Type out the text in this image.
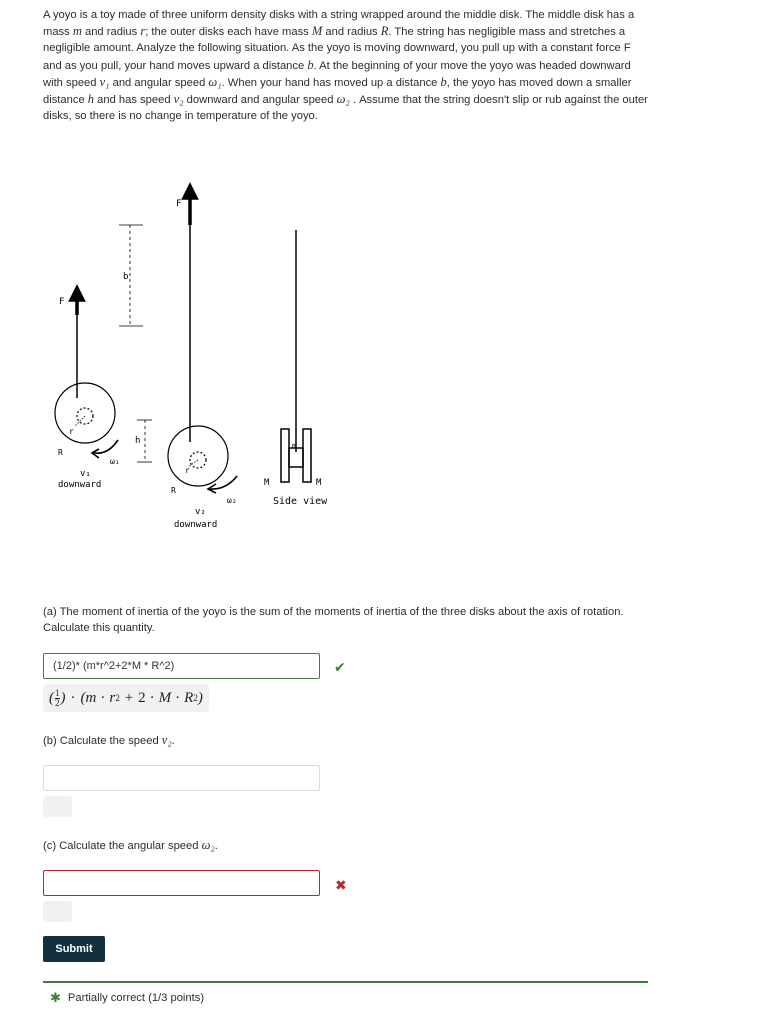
A yoyo is a toy made of three uniform density disks with a string wrapped around the middle disk. The middle disk has a mass m and radius r; the outer disks each have mass M and radius R. The string has negligible mass and stretches a negligible amount. Analyze the following situation. As the yoyo is moving downward, you pull up with a constant force F and as you pull, your hand moves upward a distance b. At the beginning of your move the yoyo was headed downward with speed v₁ and angular speed ω₁. When your hand has moved up a distance b, the yoyo has moved down a smaller distance h and has speed v₂ downward and angular speed ω₂ . Assume that the string doesn't slip or rub against the outer disks, so there is no change in temperature of the yoyo.
F
r
R
ω₁
v₁
downward
b
h
F
r
R
ω₂
v₂
downward
M
m
M
Side view
(a) The moment of inertia of the yoyo is the sum of the moments of inertia of the three disks about the axis of rotation. Calculate this quantity.
(1/2)* (m*r^2+2*M * R^2)
✔
( $\frac{1}{2}$ ) · ( m · r 2 + 2 · M · R 2 )
(b) Calculate the speed v₂.
(c) Calculate the angular speed ω₂.
✖
Submit
✱ Partially correct (1/3 points)
